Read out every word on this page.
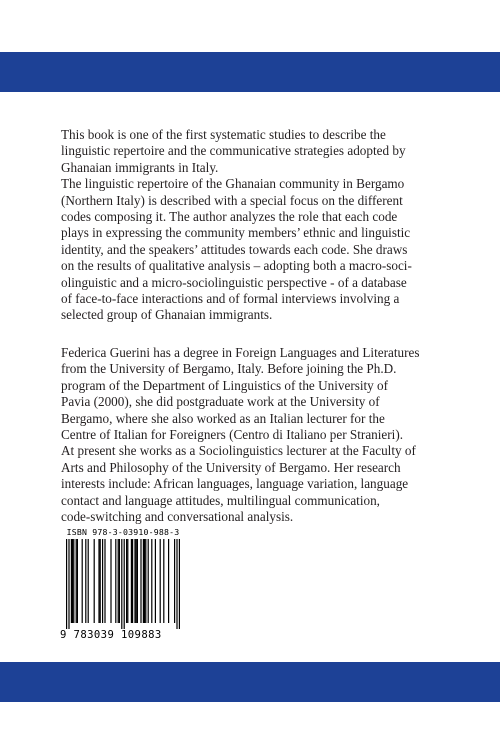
This book is one of the first systematic studies to describe the

linguistic repertoire and the communicative strategies adopted by

Ghanaian immigrants in Italy.

The linguistic repertoire of the Ghanaian community in Bergamo

(Northern Italy) is described with a special focus on the different

codes composing it. The author analyzes the role that each code

plays in expressing the community members’ ethnic and linguistic

identity, and the speakers’ attitudes towards each code. She draws

on the results of qualitative analysis – adopting both a macro-soci-

olinguistic and a micro-sociolinguistic perspective - of a database

of face-to-face interactions and of formal interviews involving a

selected group of Ghanaian immigrants.

Federica Guerini has a degree in Foreign Languages and Literatures

from the University of Bergamo, Italy. Before joining the Ph.D.

program of the Department of Linguistics of the University of

Pavia (2000), she did postgraduate work at the University of

Bergamo, where she also worked as an Italian lecturer for the

Centre of Italian for Foreigners (Centro di Italiano per Stranieri).

At present she works as a Sociolinguistics lecturer at the Faculty of

Arts and Philosophy of the University of Bergamo. Her research

interests include: African languages, language variation, language

contact and language attitudes, multilingual communication,

code-switching and conversational analysis.

ISBN 978-3-03910-988-3
9 783039 109883
